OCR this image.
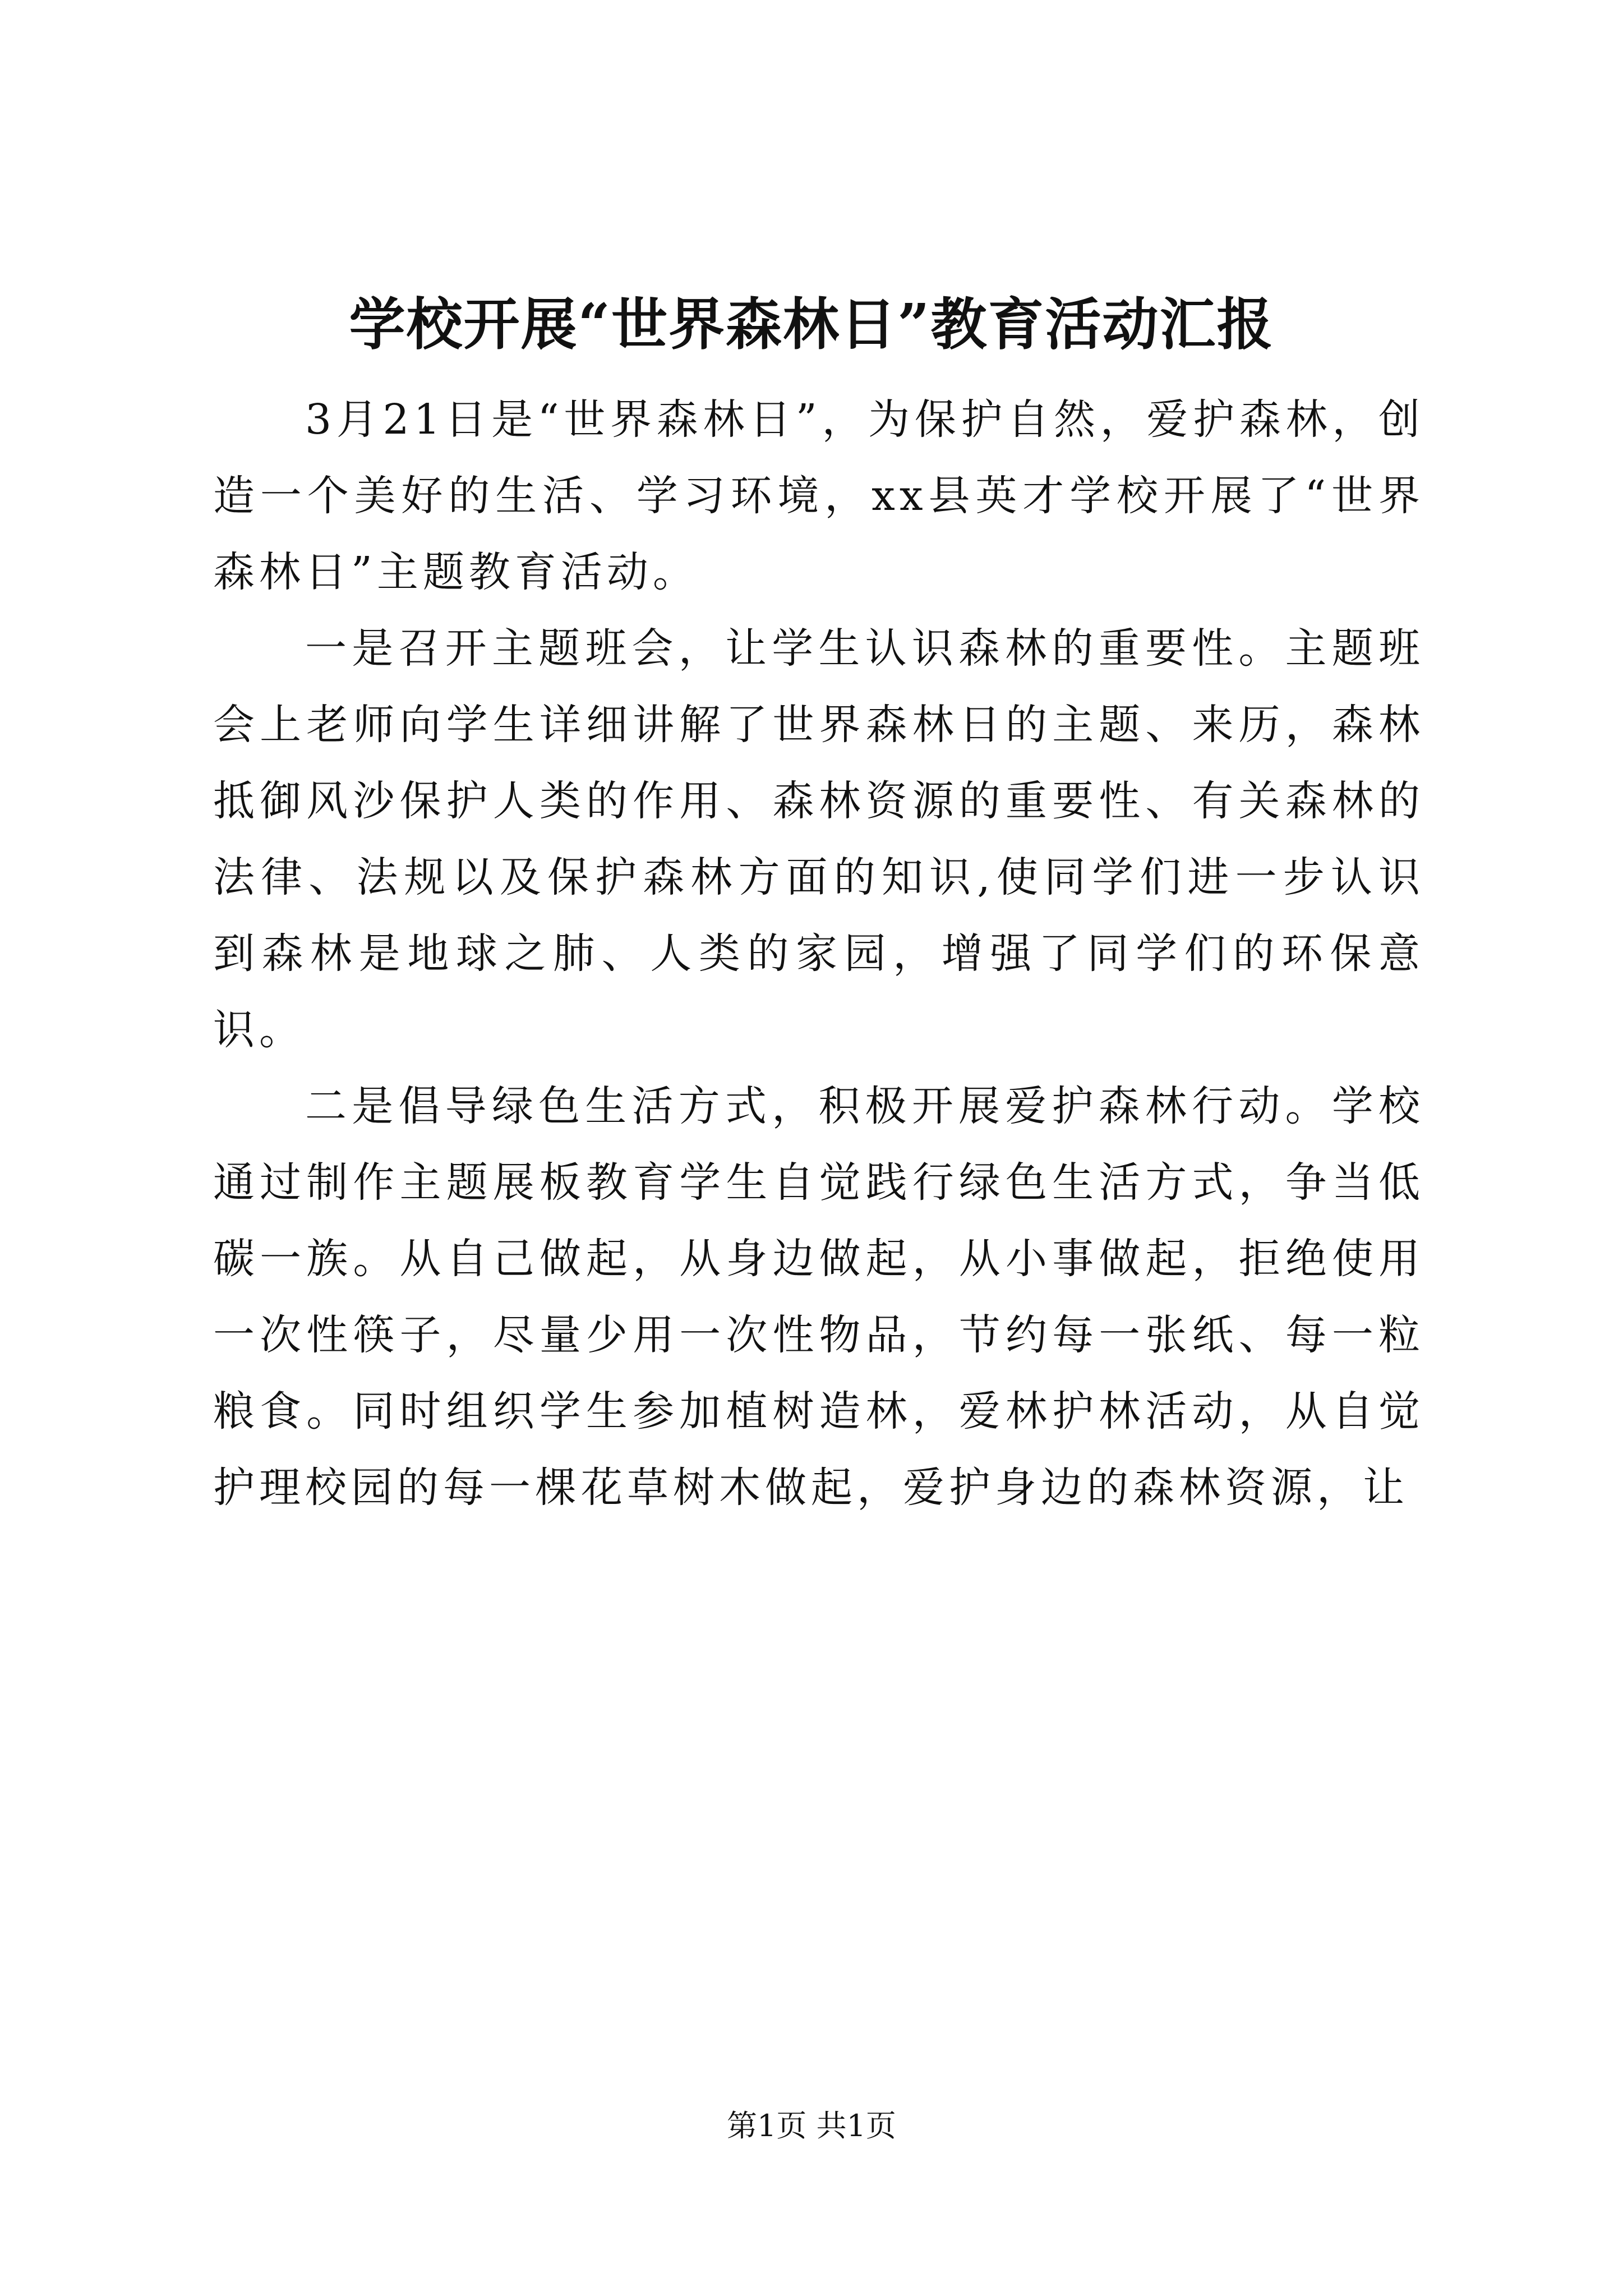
学校开展“世界森林日”教育活动汇报

3月21日是“世界森林日”，为保护自然，爱护森林，创造一个美好的生活、学习环境，xx县英才学校开展了“世界森林日”主题教育活动。

一是召开主题班会，让学生认识森林的重要性。主题班会上老师向学生详细讲解了世界森林日的主题、来历，森林抵御风沙保护人类的作用、森林资源的重要性、有关森林的法律、法规以及保护森林方面的知识,使同学们进一步认识到森林是地球之肺、人类的家园，增强了同学们的环保意识。

二是倡导绿色生活方式，积极开展爱护森林行动。学校通过制作主题展板教育学生自觉践行绿色生活方式，争当低碳一族。从自己做起，从身边做起，从小事做起，拒绝使用一次性筷子，尽量少用一次性物品，节约每一张纸、每一粒粮食。同时组织学生参加植树造林，爱林护林活动，从自觉护理校园的每一棵花草树木做起，爱护身边的森林资源，让

第1页 共1页
